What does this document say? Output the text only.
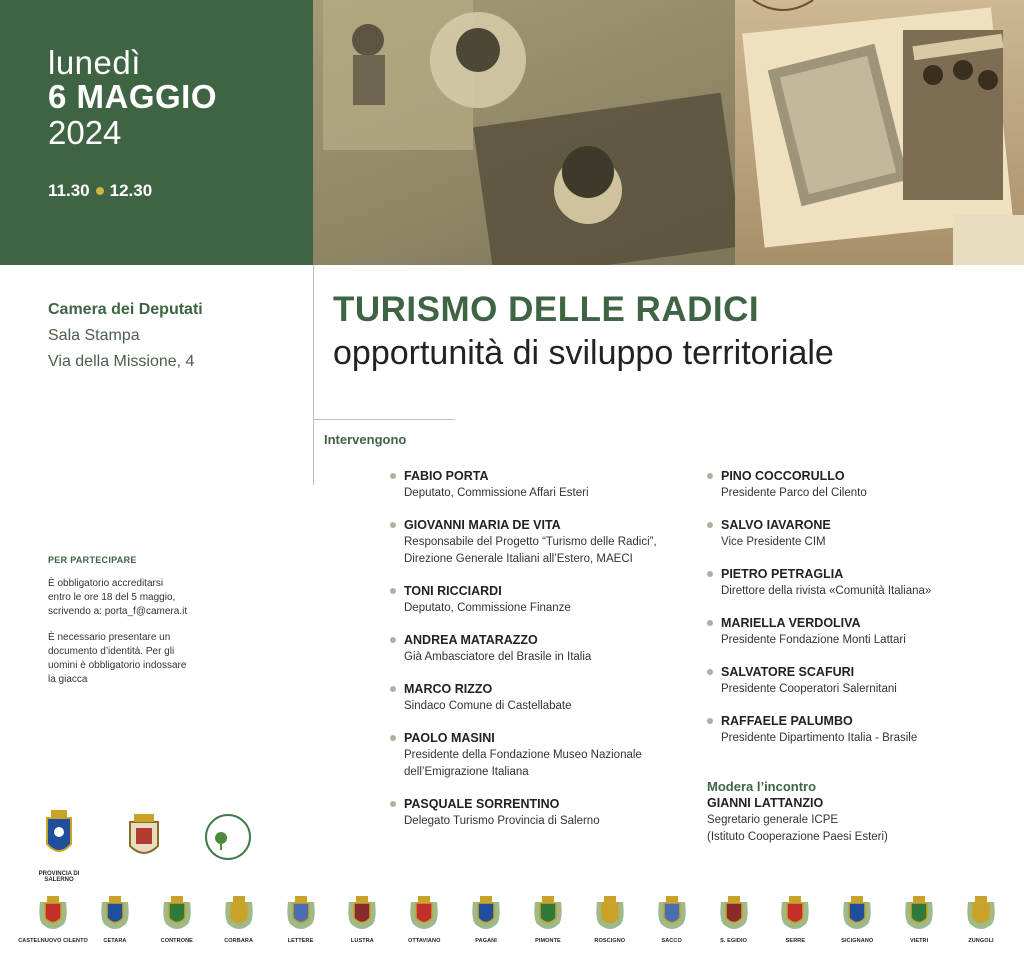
lunedì
6 MAGGIO
2024
11.30 12.30
Camera dei Deputati
Sala Stampa
Via della Missione, 4
TURISMO DELLE RADICI
opportunità di sviluppo territoriale
Intervengono
FABIO PORTA
Deputato, Commissione Affari Esteri
GIOVANNI MARIA DE VITA
Responsabile del Progetto “Turismo delle Radici”, Direzione Generale Italiani all’Estero, MAECI
TONI RICCIARDI
Deputato, Commissione Finanze
ANDREA MATARAZZO
Già Ambasciatore del Brasile in Italia
MARCO RIZZO
Sindaco Comune di Castellabate
PAOLO MASINI
Presidente della Fondazione Museo Nazionale dell’Emigrazione Italiana
PASQUALE SORRENTINO
Delegato Turismo Provincia di Salerno
PINO COCCORULLO
Presidente Parco del Cilento
SALVO IAVARONE
Vice Presidente CIM
PIETRO PETRAGLIA
Direttore della rivista «Comunità Italiana»
MARIELLA VERDOLIVA
Presidente Fondazione Monti Lattari
SALVATORE SCAFURI
Presidente Cooperatori Salernitani
RAFFAELE PALUMBO
Presidente Dipartimento Italia - Brasile
Modera l’incontro
GIANNI LATTANZIO
Segretario generale ICPE
(Istituto Cooperazione Paesi Esteri)
PER PARTECIPARE
È obbligatorio accreditarsi entro le ore 18 del 5 maggio, scrivendo a: porta_f@camera.it
È necessario presentare un documento d’identità. Per gli uomini è obbligatorio indossare la giacca
PROVINCIA DI SALERNO
CASTELNUOVO CILENTO	CETARA	CONTRONE	CORBARA	LETTERE	LUSTRA	OTTAVIANO	PAGANI	PIMONTE	ROSCIGNO	SACCO	S. EGIDIO	SERRE	SICIGNANO	VIETRI	ZUNGOLI
